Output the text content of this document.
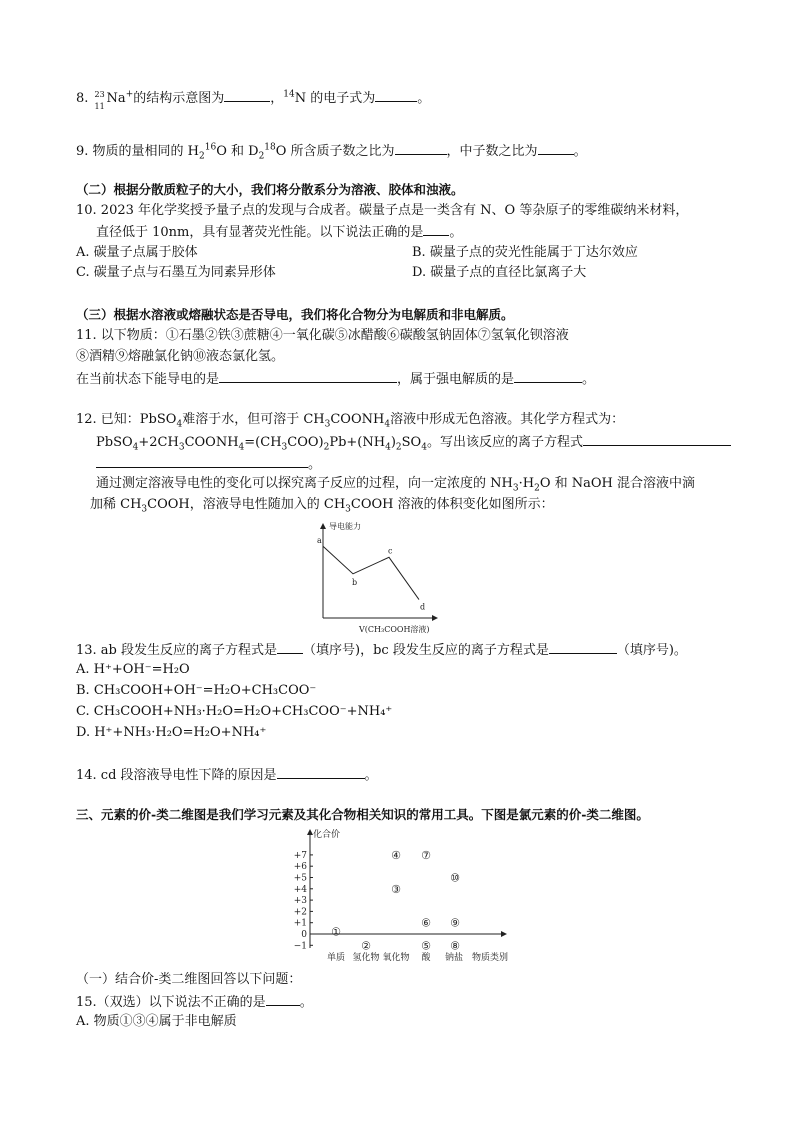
8. 23
11 Na+的结构示意图为	，$^{14}$N 的电子式为	。
9. 物质的量相同的 $H_2^{16}O$ 和 $D_2^{18}O$ 所含质子数之比为	，中子数之比为	。
（二）根据分散质粒子的大小，我们将分散系分为溶液、胶体和浊液。
10. 2023 年化学奖授予量子点的发现与合成者。碳量子点是一类含有 N、O 等杂原子的零维碳纳米材料，
直径低于 10nm，具有显著荧光性能。以下说法正确的是 。
A. 碳量子点属于胶体	B. 碳量子点的荧光性能属于丁达尔效应
C. 碳量子点与石墨互为同素异形体	D. 碳量子点的直径比氯离子大
（三）根据水溶液或熔融状态是否导电，我们将化合物分为电解质和非电解质。
11. 以下物质：①石墨②铁③蔗糖④一氧化碳⑤冰醋酸⑥碳酸氢钠固体⑦氢氧化钡溶液
⑧酒精⑨熔融氯化钠⑩液态氯化氢。
在当前状态下能导电的是	，属于强电解质的是	。
12. 已知：PbSO$_4$难溶于水，但可溶于 $CH_3COONH_4$溶液中形成无色溶液。其化学方程式为：
$PbSO_4+2CH_3COONH_4=(CH_3COO)_2Pb+(NH_4)_2SO_4$。写出该反应的离子方程式
。
通过测定溶液导电性的变化可以探究离子反应的过程，向一定浓度的 $NH_3\cdot H_2O$ 和 NaOH 混合溶液中滴
加稀 $CH_3COOH$，溶液导电性随加入的 $CH_3COOH$ 溶液的体积变化如图所示：
导电能力
V(CH₃COOH溶液)
a
b
c
d
13. ab 段发生反应的离子方程式是 （填序号)，bc 段发生反应的离子方程式是	（填序号)。
A. H⁺+OH⁻=H₂O
B. CH₃COOH+OH⁻=H₂O+CH₃COO⁻
C. CH₃COOH+NH₃·H₂O=H₂O+CH₃COO⁻+NH₄⁺
D. H⁺+NH₃·H₂O=H₂O+NH₄⁺
14. cd 段溶液导电性下降的原因是	。
三、元素的价-类二维图是我们学习元素及其化合物相关知识的常用工具。下图是氯元素的价-类二维图。
化合价
物质类别
+7
+6
+5
+4
+3
+2
+1
0
−1
单质 氢化物 氧化物 酸 钠盐
①
②
③
④
⑤
⑥
⑦
⑧
⑨
⑩
（一）结合价-类二维图回答以下问题：
15.（双选）以下说法不正确的是	。
A. 物质①③④属于非电解质
